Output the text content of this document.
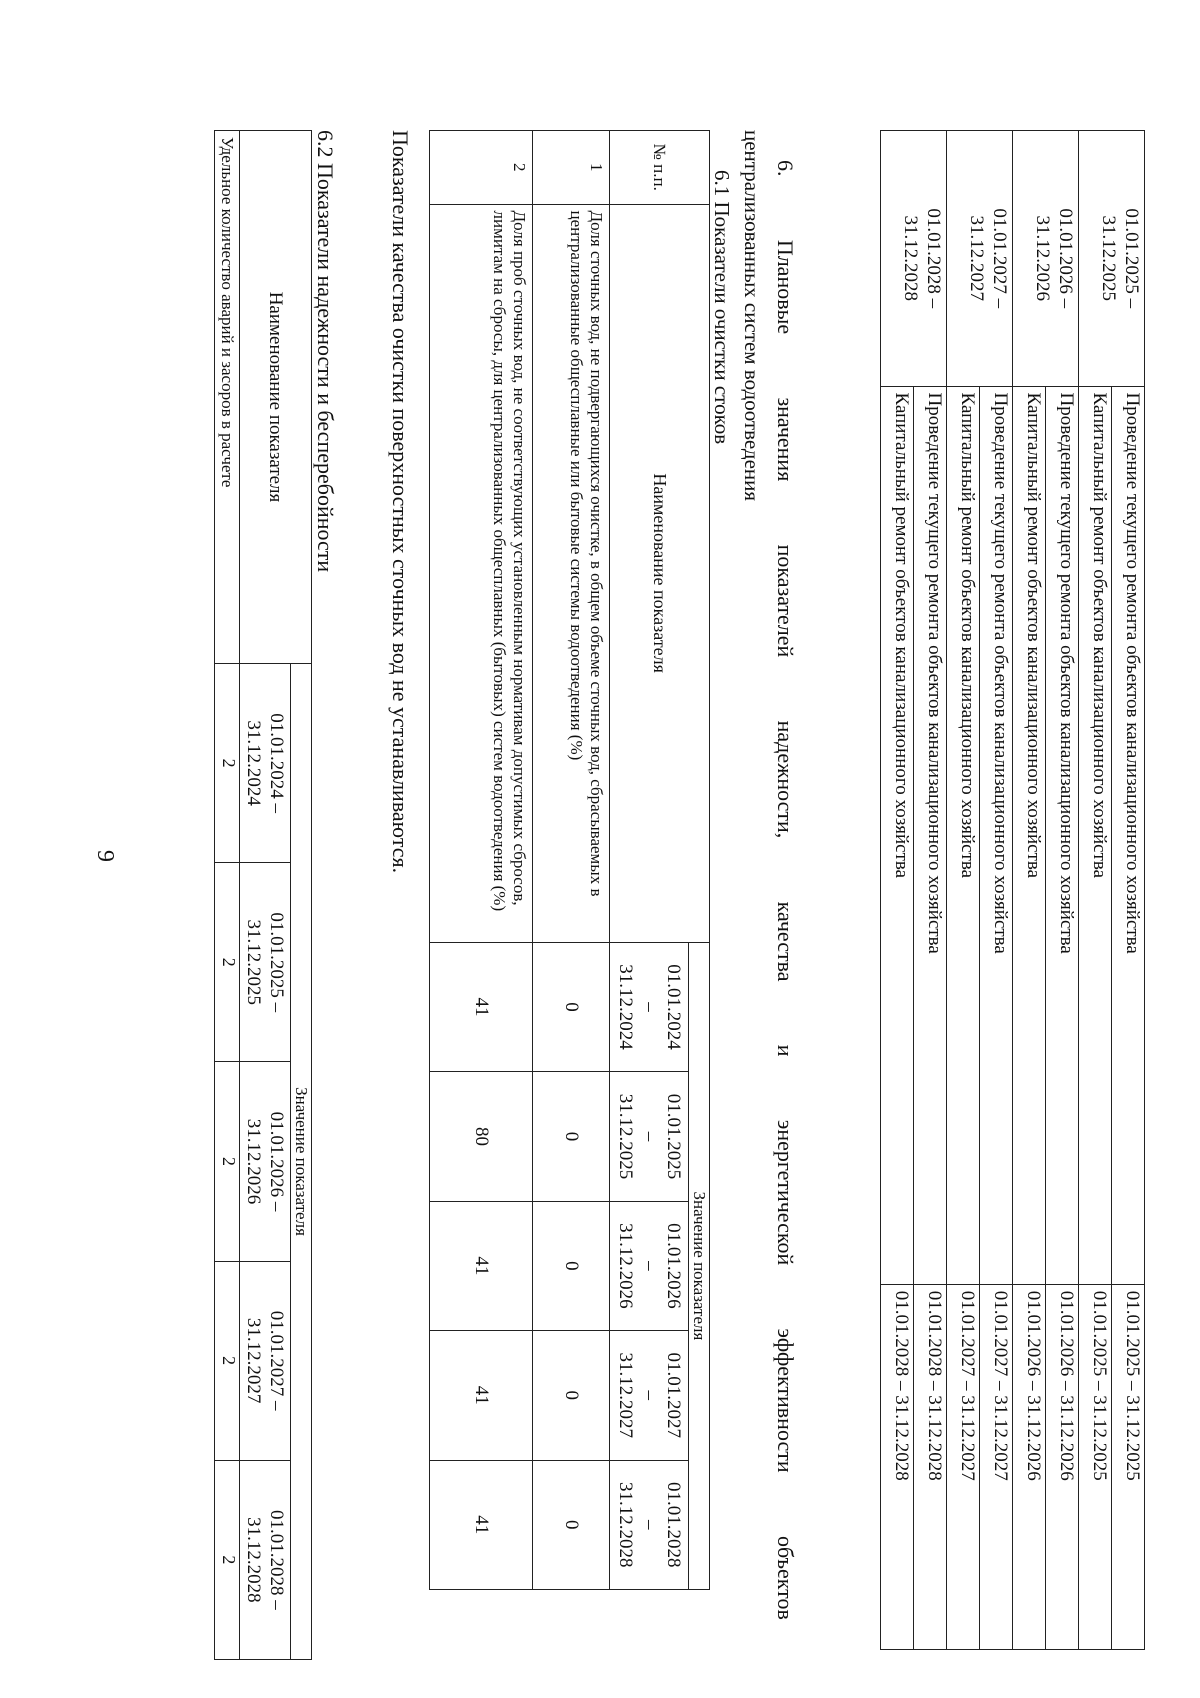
9
01.01.2025 –
31.12.2025	Проведение текущего ремонта объектов канализационного хозяйства	01.01.2025 – 31.12.2025
	Капитальный ремонт объектов канализационного хозяйства	01.01.2025 – 31.12.2025
01.01.2026 –
31.12.2026	Проведение текущего ремонта объектов канализационного хозяйства	01.01.2026 – 31.12.2026
	Капитальный ремонт объектов канализационного хозяйства	01.01.2026 – 31.12.2026
01.01.2027 –
31.12.2027	Проведение текущего ремонта объектов канализационного хозяйства	01.01.2027 – 31.12.2027
	Капитальный ремонт объектов канализационного хозяйства	01.01.2027 – 31.12.2027
01.01.2028 –
31.12.2028	Проведение текущего ремонта объектов канализационного хозяйства	01.01.2028 – 31.12.2028
	Капитальный ремонт объектов канализационного хозяйства	01.01.2028 – 31.12.2028
6.
Плановые
значения
показателей
надежности,
качества
и
энергетической
эффективности
объектов
централизованных систем водоотведения
6.1 Показатели очистки стоков
№ п.п.	Наименование показателя	Значение показателя				
		01.01.2024
–
31.12.2024	01.01.2025
–
31.12.2025	01.01.2026
–
31.12.2026	01.01.2027
–
31.12.2027	01.01.2028
–
31.12.2028
1	Доля сточных вод, не подвергающихся очистке, в общем объеме сточных вод, сбрасываемых в централизованные общесплавные или бытовые системы водоотведения (%)	0	0	0	0	0
2	Доля проб сточных вод, не соответствующих установленным нормативам допустимых сбросов, лимитам на сбросы, для централизованных общесплавных (бытовых) систем водоотведения (%)	41	80	41	41	41
Показатели качества очистки поверхностных сточных вод не устанавливаются.
6.2 Показатели надежности и бесперебойности
Наименование показателя	Значение показателя				
	01.01.2024 –
31.12.2024	01.01.2025 –
31.12.2025	01.01.2026 –
31.12.2026	01.01.2027 –
31.12.2027	01.01.2028 –
31.12.2028
Удельное количество аварий и засоров в расчете	2	2	2	2	2
